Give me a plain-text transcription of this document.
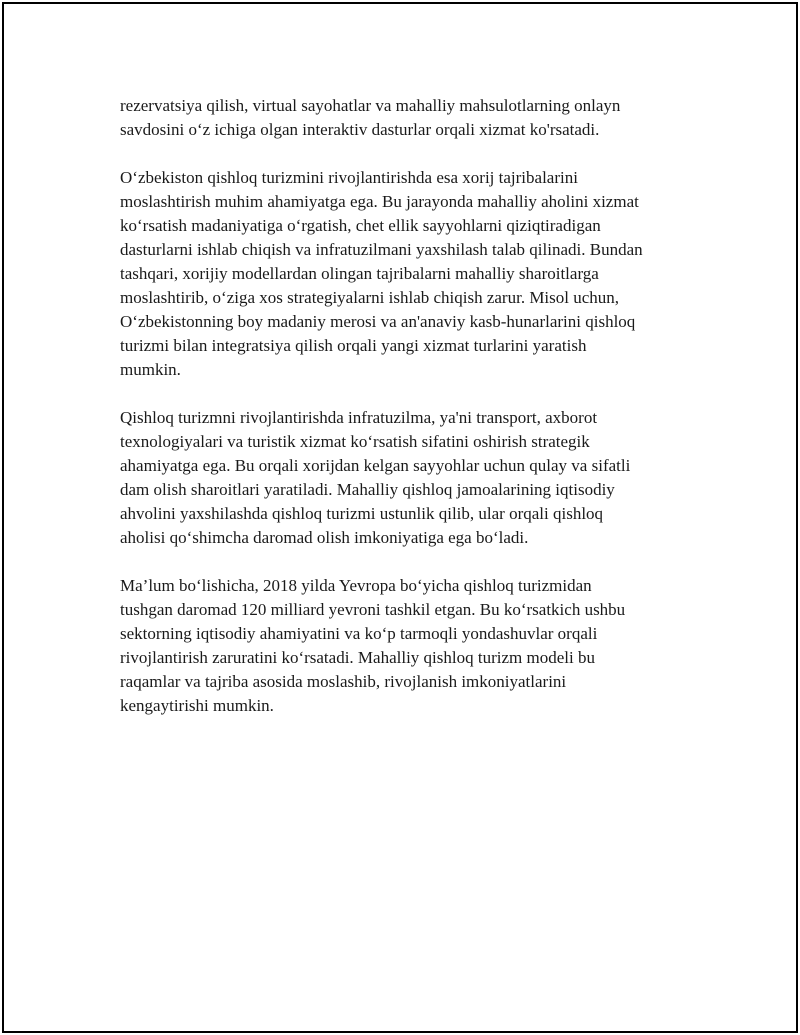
rezervatsiya qilish, virtual sayohatlar va mahalliy mahsulotlarning onlayn
savdosini o‘z ichiga olgan interaktiv dasturlar orqali xizmat ko'rsatadi.

O‘zbekiston qishloq turizmini rivojlantirishda esa xorij tajribalarini
moslashtirish muhim ahamiyatga ega. Bu jarayonda mahalliy aholini xizmat
ko‘rsatish madaniyatiga o‘rgatish, chet ellik sayyohlarni qiziqtiradigan
dasturlarni ishlab chiqish va infratuzilmani yaxshilash talab qilinadi. Bundan
tashqari, xorijiy modellardan olingan tajribalarni mahalliy sharoitlarga
moslashtirib, o‘ziga xos strategiyalarni ishlab chiqish zarur. Misol uchun,
O‘zbekistonning boy madaniy merosi va an'anaviy kasb-hunarlarini qishloq
turizmi bilan integratsiya qilish orqali yangi xizmat turlarini yaratish
mumkin.

Qishloq turizmni rivojlantirishda infratuzilma, ya'ni transport, axborot
texnologiyalari va turistik xizmat ko‘rsatish sifatini oshirish strategik
ahamiyatga ega. Bu orqali xorijdan kelgan sayyohlar uchun qulay va sifatli
dam olish sharoitlari yaratiladi. Mahalliy qishloq jamoalarining iqtisodiy
ahvolini yaxshilashda qishloq turizmi ustunlik qilib, ular orqali qishloq
aholisi qo‘shimcha daromad olish imkoniyatiga ega bo‘ladi.

Ma’lum bo‘lishicha, 2018 yilda Yevropa bo‘yicha qishloq turizmidan
tushgan daromad 120 milliard yevroni tashkil etgan. Bu ko‘rsatkich ushbu
sektorning iqtisodiy ahamiyatini va ko‘p tarmoqli yondashuvlar orqali
rivojlantirish zaruratini ko‘rsatadi. Mahalliy qishloq turizm modeli bu
raqamlar va tajriba asosida moslashib, rivojlanish imkoniyatlarini
kengaytirishi mumkin.
